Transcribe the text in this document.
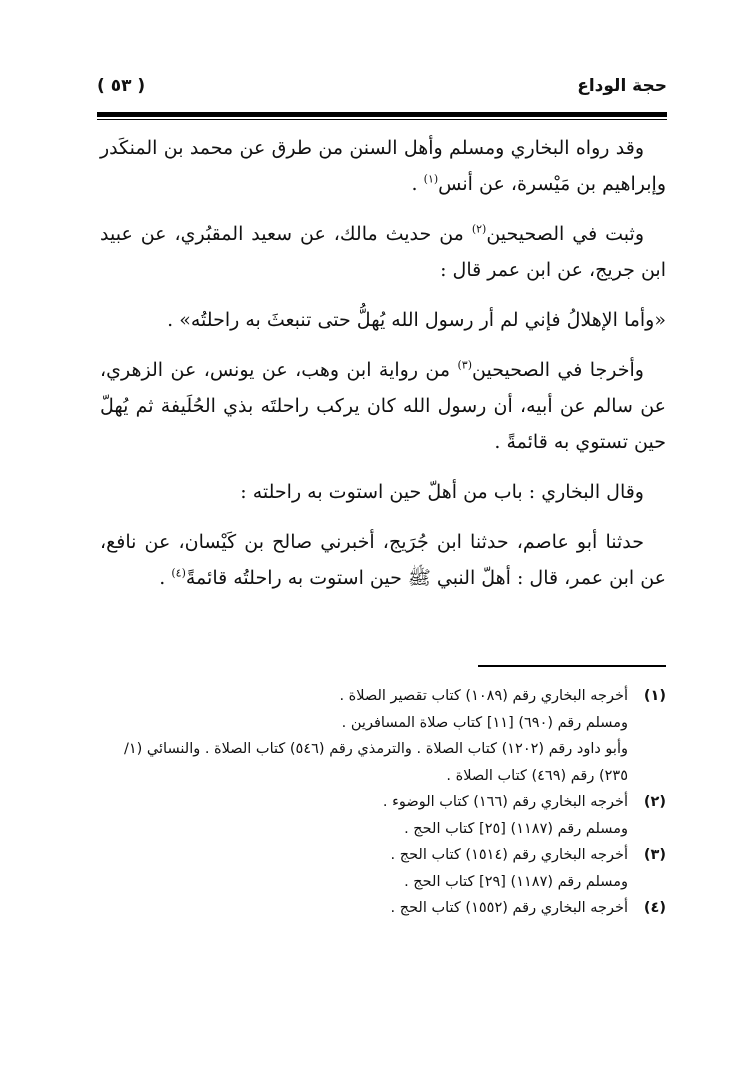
حجة الوداع
( ٥٣ )

وقد رواه البخاري ومسلم وأهل السنن من طرق عن محمد بن المنكَدر وإبراهيم بن مَيْسرة، عن أنس$^{(١)}$ .

وثبت في الصحيحين$^{(٢)}$ من حديث مالك، عن سعيد المقبُري، عن عبيد ابن جريج، عن ابن عمر قال :

«وأما الإهلالُ فإني لم أر رسول الله يُهلُّ حتى تنبعثَ به راحلتُه» .

وأخرجا في الصحيحين$^{(٣)}$ من رواية ابن وهب، عن يونس، عن الزهري، عن سالم عن أبيه، أن رسول الله كان يركب راحلتَه بذي الحُلَيفة ثم يُهلّ حين تستوي به قائمةً .

وقال البخاري : باب من أهلّ حين استوت به راحلته :

حدثنا أبو عاصم، حدثنا ابن جُرَيج، أخبرني صالح بن كَيْسان، عن نافع، عن ابن عمر، قال : أهلّ النبي ﷺ حين استوت به راحلتُه قائمةً$^{(٤)}$ .

(١)
أخرجه البخاري رقم (١٠٨٩) كتاب تقصير الصلاة .
ومسلم رقم (٦٩٠) [١١] كتاب صلاة المسافرين .
وأبو داود رقم (١٢٠٢) كتاب الصلاة . والترمذي رقم (٥٤٦) كتاب الصلاة . والنسائي (١/ ٢٣٥) رقم (٤٦٩) كتاب الصلاة .
(٢)
أخرجه البخاري رقم (١٦٦) كتاب الوضوء .
ومسلم رقم (١١٨٧) [٢٥] كتاب الحج .
(٣)
أخرجه البخاري رقم (١٥١٤) كتاب الحج .
ومسلم رقم (١١٨٧) [٢٩] كتاب الحج .
(٤)
أخرجه البخاري رقم (١٥٥٢) كتاب الحج .
